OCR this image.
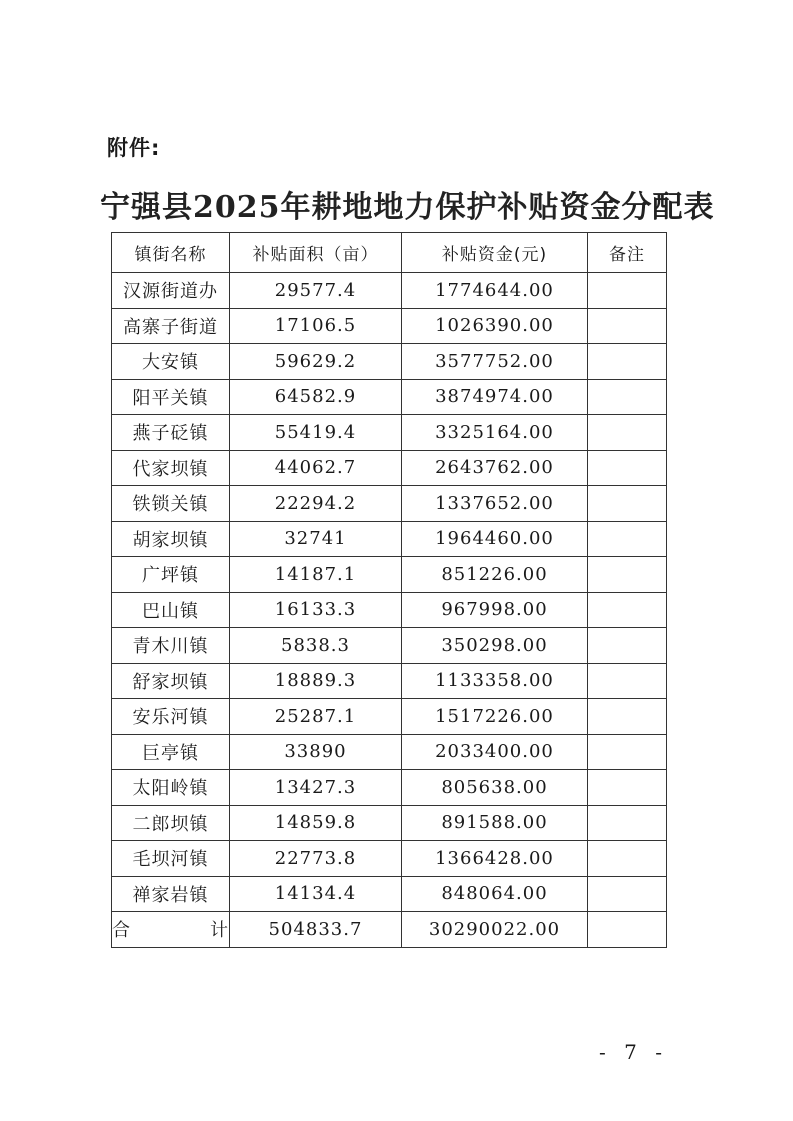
附件:
宁强县2025年耕地地力保护补贴资金分配表
镇街名称	补贴面积（亩）	补贴资金(元)	备注
汉源街道办	29577.4	1774644.00	
高寨子街道	17106.5	1026390.00	
大安镇	59629.2	3577752.00	
阳平关镇	64582.9	3874974.00	
燕子砭镇	55419.4	3325164.00	
代家坝镇	44062.7	2643762.00	
铁锁关镇	22294.2	1337652.00	
胡家坝镇	32741	1964460.00	
广坪镇	14187.1	851226.00	
巴山镇	16133.3	967998.00	
青木川镇	5838.3	350298.00	
舒家坝镇	18889.3	1133358.00	
安乐河镇	25287.1	1517226.00	
巨亭镇	33890	2033400.00	
太阳岭镇	13427.3	805638.00	
二郎坝镇	14859.8	891588.00	
毛坝河镇	22773.8	1366428.00	
禅家岩镇	14134.4	848064.00	
合 计	504833.7	30290022.00	
- 7 -
